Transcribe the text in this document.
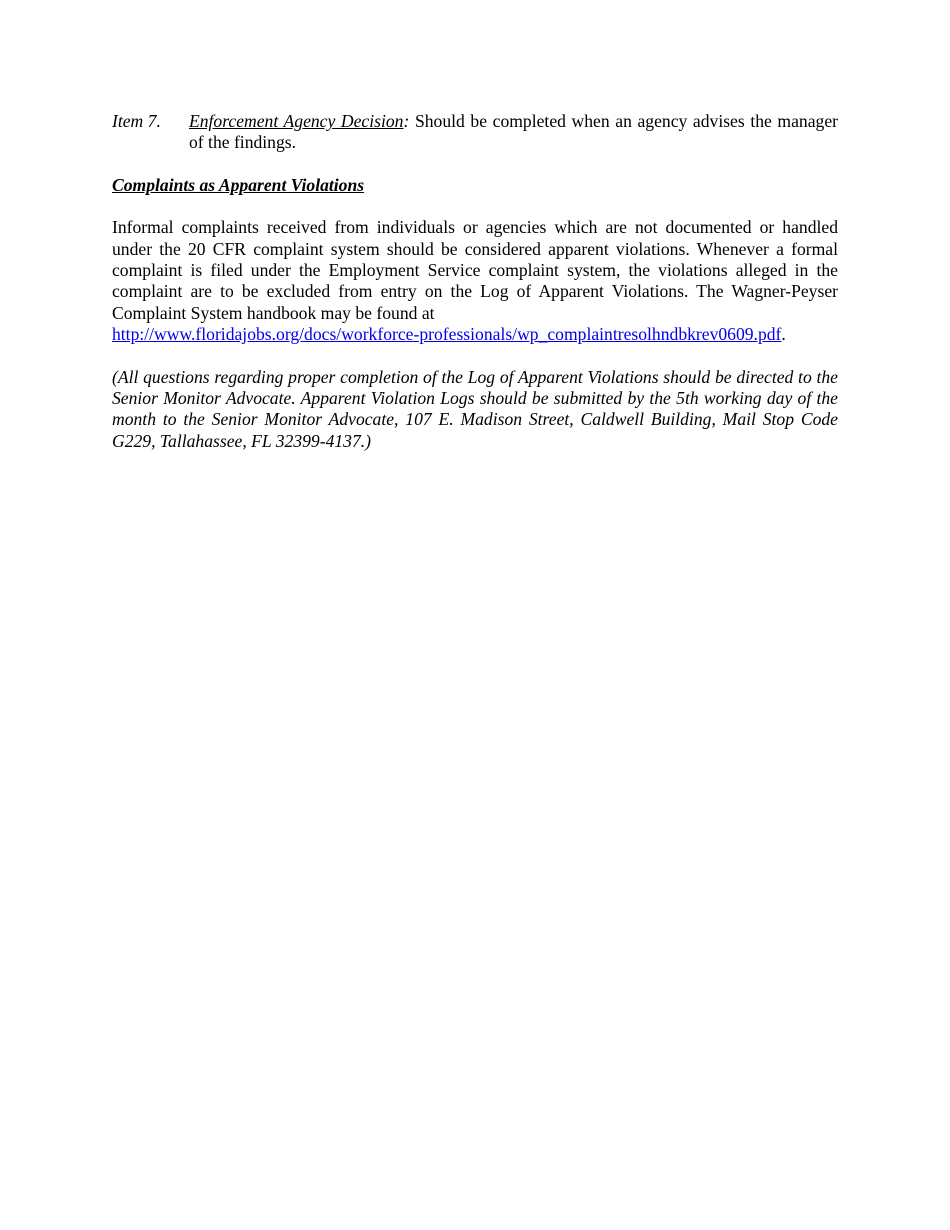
Item 7.	Enforcement Agency Decision: Should be completed when an agency advises the manager of the findings.
Complaints as Apparent Violations
Informal complaints received from individuals or agencies which are not documented or handled under the 20 CFR complaint system should be considered apparent violations. Whenever a formal complaint is filed under the Employment Service complaint system, the violations alleged in the complaint are to be excluded from entry on the Log of Apparent Violations. The Wagner-Peyser Complaint System handbook may be found at
http://www.floridajobs.org/docs/workforce-professionals/wp_complaintresolhndbkrev0609.pdf.
(All questions regarding proper completion of the Log of Apparent Violations should be directed to the Senior Monitor Advocate. Apparent Violation Logs should be submitted by the 5th working day of the month to the Senior Monitor Advocate, 107 E. Madison Street, Caldwell Building, Mail Stop Code G229, Tallahassee, FL 32399-4137.)
